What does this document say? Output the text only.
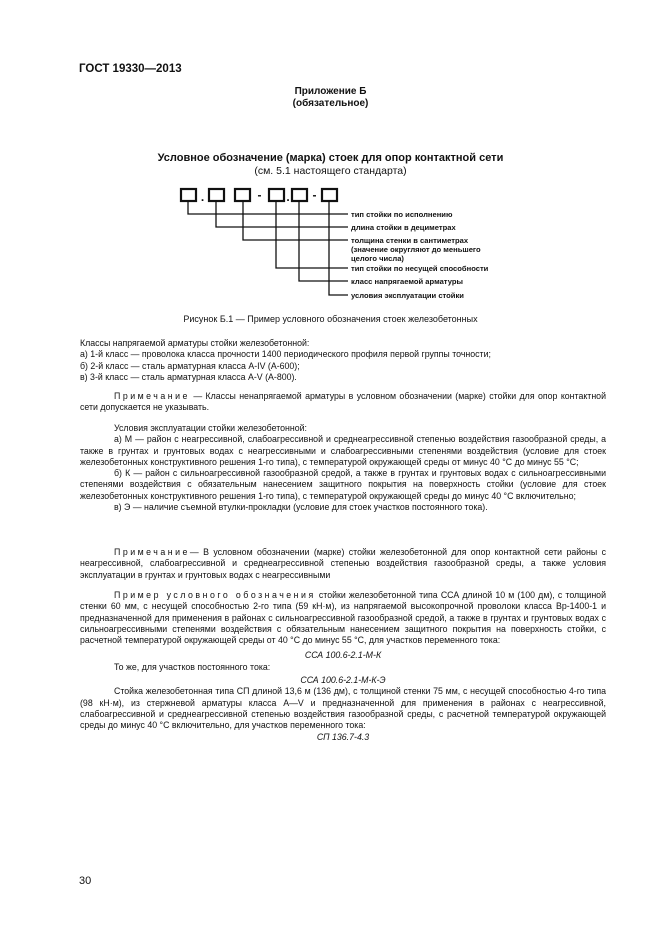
ГОСТ 19330—2013
Приложение Б
(обязательное)
Условное обозначение (марка) стоек для опор контактной сети
(см. 5.1 настоящего стандарта)
.	- . -
тип стойки по исполнению
длина стойки в дециметрах
толщина стенки в сантиметрах
(значение округляют до меньшего
целого числа)
тип стойки по несущей способности
класс напрягаемой арматуры
условия эксплуатации стойки
Рисунок Б.1 — Пример условного обозначения стоек железобетонных

Классы напрягаемой арматуры стойки железобетонной:

а) 1-й класс — проволока класса прочности 1400 периодического профиля первой группы точности;

б) 2-й класс — сталь арматурная класса A-IV (А-600);

в) 3-й класс — сталь арматурная класса A-V (А-800).

Примечание — Классы ненапрягаемой арматуры в условном обозначении (марке) стойки для опор контактной сети допускается не указывать.

Условия эксплуатации стойки железобетонной:

а) М — район с неагрессивной, слабоагрессивной и среднеагрессивной степенью воздействия газообразной среды, а также в грунтах и грунтовых водах с неагрессивными и слабоагрессивными степенями воздействия (условие для стоек железобетонных конструктивного решения 1-го типа), с температурой окружающей среды от минус 40 °С до минус 55 °С;

б) К — район с сильноагрессивной газообразной средой, а также в грунтах и грунтовых водах с сильноагрессивными степенями воздействия с обязательным нанесением защитного покрытия на поверхность стойки (условие для стоек железобетонных конструктивного решения 1-го типа), с температурой окружающей среды до минус 40 °С включительно;

в) Э — наличие съемной втулки-прокладки (условие для стоек участков постоянного тока).

Примечание— В условном обозначении (марке) стойки железобетонной для опор контактной сети районы с неагрессивной, слабоагрессивной и среднеагрессивной степенью воздействия газообразной среды, а также условия эксплуатации в грунтах и грунтовых водах с неагрессивными

Пример условного обозначения стойки железобетонной типа ССА длиной 10 м (100 дм), с толщиной стенки 60 мм, с несущей способностью 2-го типа (59 кН·м), из напрягаемой высокопрочной проволоки класса Вр-1400-1 и предназначенной для применения в районах с сильноагрессивной газообразной средой, а также в грунтах и грунтовых водах с сильноагрессивными степенями воздействия с обязательным нанесением защитного покрытия на поверхность стойки, с расчетной температурой окружающей среды от 40 °С до минус 55 °С, для участков переменного тока:

ССА 100.6-2.1-М-К

То же, для участков постоянного тока:

ССА 100.6-2.1-М-К-Э

Стойка железобетонная типа СП длиной 13,6 м (136 дм), с толщиной стенки 75 мм, с несущей способностью 4-го типа (98 кН·м), из стержневой арматуры класса А—V и предназначенной для применения в районах с неагрессивной, слабоагрессивной и среднеагрессивной степенью воздействия газообразной среды, с расчетной температурой окружающей среды до минус 40 °С включительно, для участков переменного тока:

СП 136.7-4.3

30
